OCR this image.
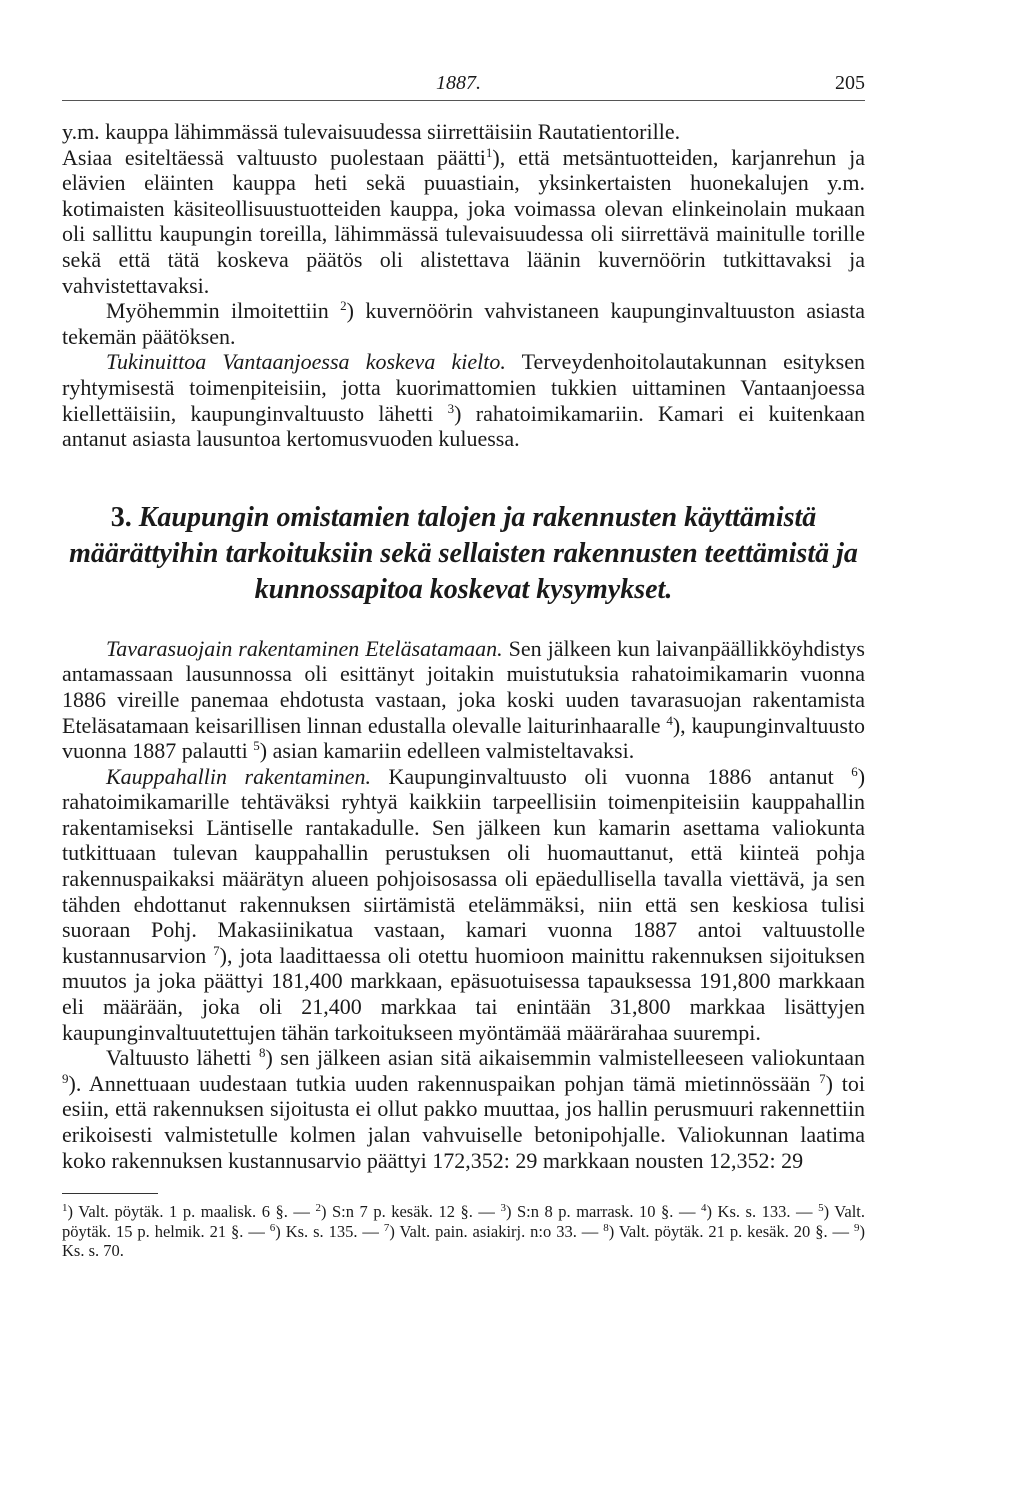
1887.	205

y.m. kauppa lähimmässä tulevaisuudessa siirrettäisiin Rautatientorille.

Asiaa esiteltäessä valtuusto puolestaan päätti$^1$), että metsäntuotteiden, karjanrehun ja elävien eläinten kauppa heti sekä puuastiain, yksinkertaisten huonekalujen y.m. kotimaisten käsiteollisuustuotteiden kauppa, joka voimassa olevan elinkeinolain mukaan oli sallittu kaupungin toreilla, lähimmässä tulevaisuudessa oli siirrettävä mainitulle torille sekä että tätä koskeva päätös oli alistettava läänin kuvernöörin tutkittavaksi ja vahvistettavaksi.

Myöhemmin ilmoitettiin $^2$) kuvernöörin vahvistaneen kaupunginvaltuuston asiasta tekemän päätöksen.

Tukinuittoa Vantaanjoessa koskeva kielto. Terveydenhoitolautakunnan esityksen ryhtymisestä toimenpiteisiin, jotta kuorimattomien tukkien uittaminen Vantaanjoessa kiellettäisiin, kaupunginvaltuusto lähetti $^3$) rahatoimikamariin. Kamari ei kuitenkaan antanut asiasta lausuntoa kertomusvuoden kuluessa.

3. Kaupungin omistamien talojen ja rakennusten käyttämistä määrättyihin tarkoituksiin sekä sellaisten rakennusten teettämistä ja kunnossapitoa koskevat kysymykset.

Tavarasuojain rakentaminen Eteläsatamaan. Sen jälkeen kun laivanpäällikköyhdistys antamassaan lausunnossa oli esittänyt joitakin muistutuksia rahatoimikamarin vuonna 1886 vireille panemaa ehdotusta vastaan, joka koski uuden tavarasuojan rakentamista Eteläsatamaan keisarillisen linnan edustalla olevalle laiturinhaaralle $^4$), kaupunginvaltuusto vuonna 1887 palautti $^5$) asian kamariin edelleen valmisteltavaksi.

Kauppahallin rakentaminen. Kaupunginvaltuusto oli vuonna 1886 antanut $^6$) rahatoimikamarille tehtäväksi ryhtyä kaikkiin tarpeellisiin toimenpiteisiin kauppahallin rakentamiseksi Läntiselle rantakadulle. Sen jälkeen kun kamarin asettama valiokunta tutkittuaan tulevan kauppahallin perustuksen oli huomauttanut, että kiinteä pohja rakennuspaikaksi määrätyn alueen pohjoisosassa oli epäedullisella tavalla viettävä, ja sen tähden ehdottanut rakennuksen siirtämistä etelämmäksi, niin että sen keskiosa tulisi suoraan Pohj. Makasiinikatua vastaan, kamari vuonna 1887 antoi valtuustolle kustannusarvion $^7$), jota laadittaessa oli otettu huomioon mainittu rakennuksen sijoituksen muutos ja joka päättyi 181,400 markkaan, epäsuotuisessa tapauksessa 191,800 markkaan eli määrään, joka oli 21,400 markkaa tai enintään 31,800 markkaa lisättyjen kaupunginvaltuutettujen tähän tarkoitukseen myöntämää määrärahaa suurempi.

Valtuusto lähetti $^8$) sen jälkeen asian sitä aikaisemmin valmistelleeseen valiokuntaan $^9$). Annettuaan uudestaan tutkia uuden rakennuspaikan pohjan tämä mietinnössään $^7$) toi esiin, että rakennuksen sijoitusta ei ollut pakko muuttaa, jos hallin perusmuuri rakennettiin erikoisesti valmistetulle kolmen jalan vahvuiselle betonipohjalle. Valiokunnan laatima koko rakennuksen kustannusarvio päättyi 172,352: 29 markkaan nousten 12,352: 29

$^1$) Valt. pöytäk. 1 p. maalisk. 6 §. — $^2$) S:n 7 p. kesäk. 12 §. — $^3$) S:n 8 p. marrask. 10 §. — $^4$) Ks. s. 133. — $^5$) Valt. pöytäk. 15 p. helmik. 21 §. — $^6$) Ks. s. 135. — $^7$) Valt. pain. asiakirj. n:o 33. — $^8$) Valt. pöytäk. 21 p. kesäk. 20 §. — $^9$) Ks. s. 70.
